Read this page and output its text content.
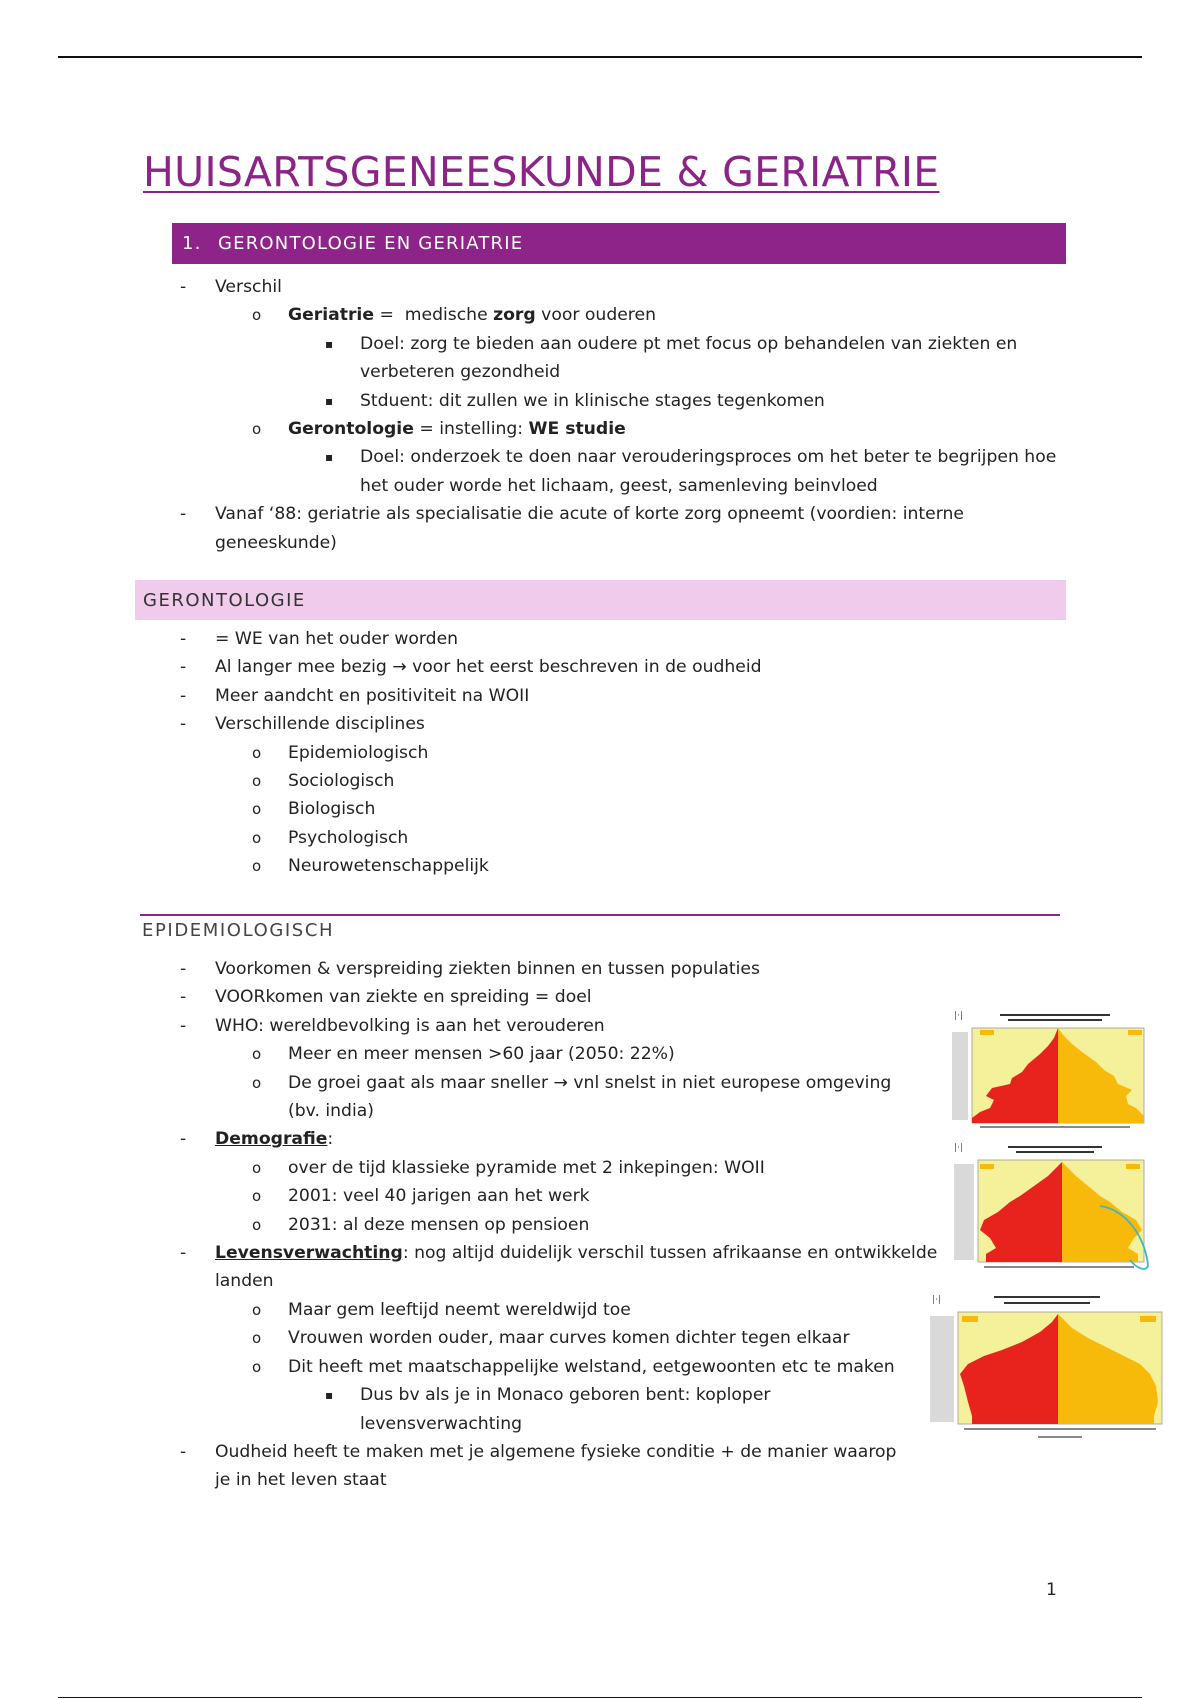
HUISARTSGENEESKUNDE & GERIATRIE
1. GERONTOLOGIE EN GERIATRIE
- Verschil
o Geriatrie =  medische zorg voor ouderen
▪ Doel: zorg te bieden aan oudere pt met focus op behandelen van ziekten en verbeteren gezondheid
▪ Stduent: dit zullen we in klinische stages tegenkomen
o Gerontologie = instelling: WE studie
▪ Doel: onderzoek te doen naar verouderingsproces om het beter te begrijpen hoe het ouder worde het lichaam, geest, samenleving beinvloed
- Vanaf ‘88: geriatrie als specialisatie die acute of korte zorg opneemt (voordien: interne geneeskunde)
GERONTOLOGIE
- = WE van het ouder worden
- Al langer mee bezig → voor het eerst beschreven in de oudheid
- Meer aandcht en positiviteit na WOII
- Verschillende disciplines
o Epidemiologisch
o Sociologisch
o Biologisch
o Psychologisch
o Neurowetenschappelijk
EPIDEMIOLOGISCH
- Voorkomen & verspreiding ziekten binnen en tussen populaties
- VOORkomen van ziekte en spreiding = doel
- WHO: wereldbevolking is aan het verouderen
o Meer en meer mensen >60 jaar (2050: 22%)
o De groei gaat als maar sneller → vnl snelst in niet europese omgeving (bv. india)
- Demografie:
o over de tijd klassieke pyramide met 2 inkepingen: WOII
o 2001: veel 40 jarigen aan het werk
o 2031: al deze mensen op pensioen
- Levensverwachting: nog altijd duidelijk verschil tussen afrikaanse en ontwikkelde landen
o Maar gem leeftijd neemt wereldwijd toe
o Vrouwen worden ouder, maar curves komen dichter tegen elkaar
o Dit heeft met maatschappelijke welstand, eetgewoonten etc te maken
▪ Dus bv als je in Monaco geboren bent: koploper levensverwachting
- Oudheid heeft te maken met je algemene fysieke conditie + de manier waarop je in het leven staat
|·|
|·|
|·|
1
